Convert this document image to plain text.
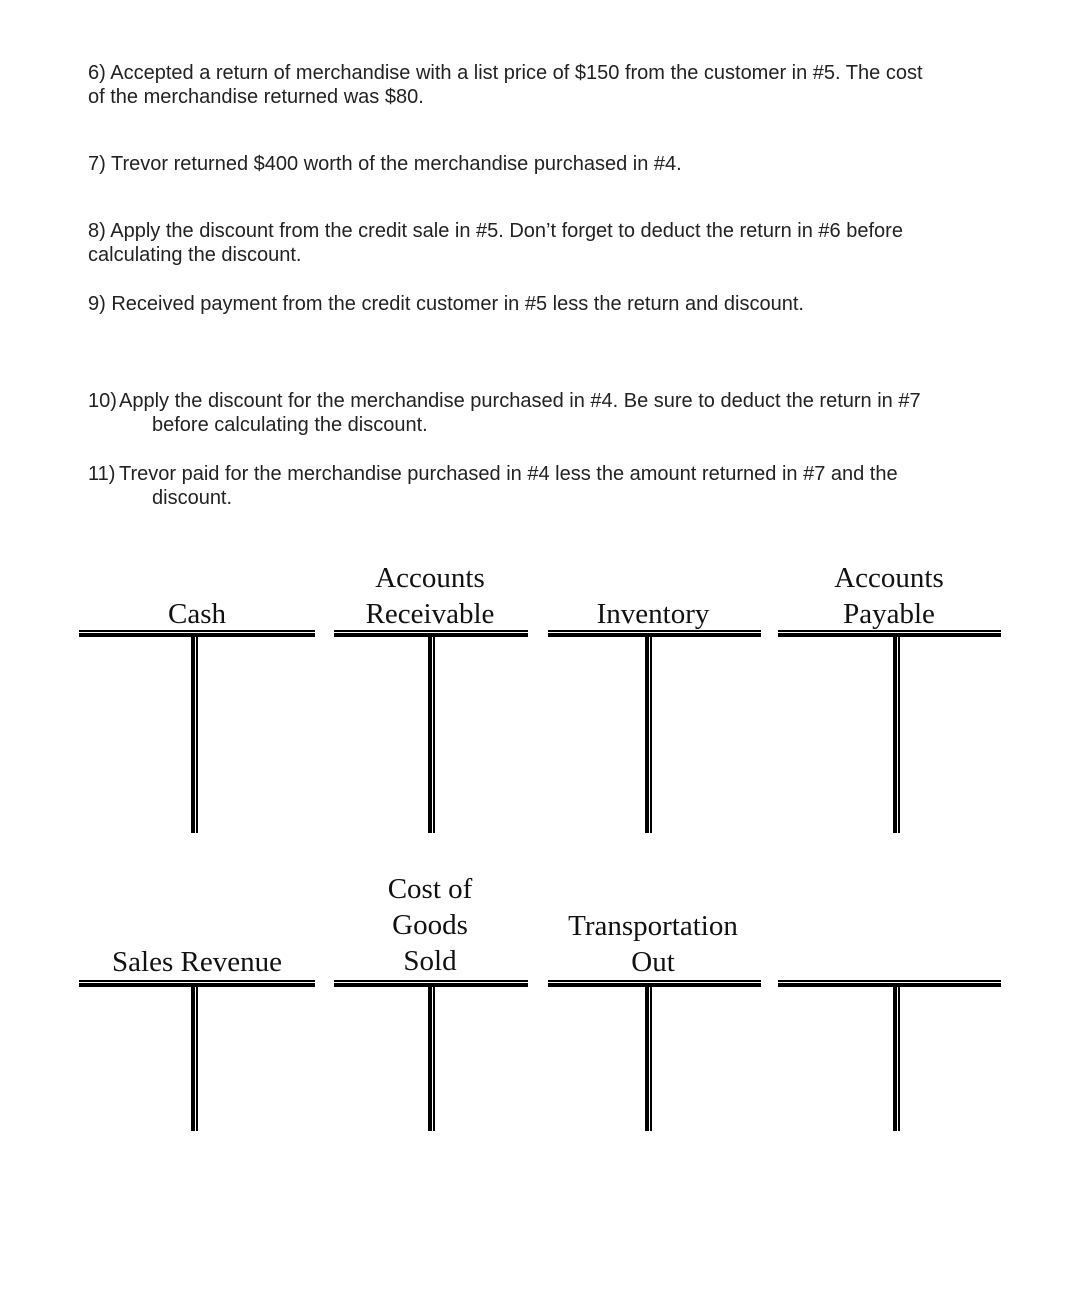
6) Accepted a return of merchandise with a list price of $150 from the customer in #5. The cost
of the merchandise returned was $80.

7) Trevor returned $400 worth of the merchandise purchased in #4.

8) Apply the discount from the credit sale in #5. Don’t forget to deduct the return in #6 before
calculating the discount.

9) Received payment from the credit customer in #5 less the return and discount.

10) Apply the discount for the merchandise purchased in #4. Be sure to deduct the return in #7
before calculating the discount.
11) Trevor paid for the merchandise purchased in #4 less the amount returned in #7 and the
discount.
Cash
Accounts
Receivable	Inventory
Accounts
Payable
Sales Revenue
Cost of
Goods
Sold
Transportation
Out
